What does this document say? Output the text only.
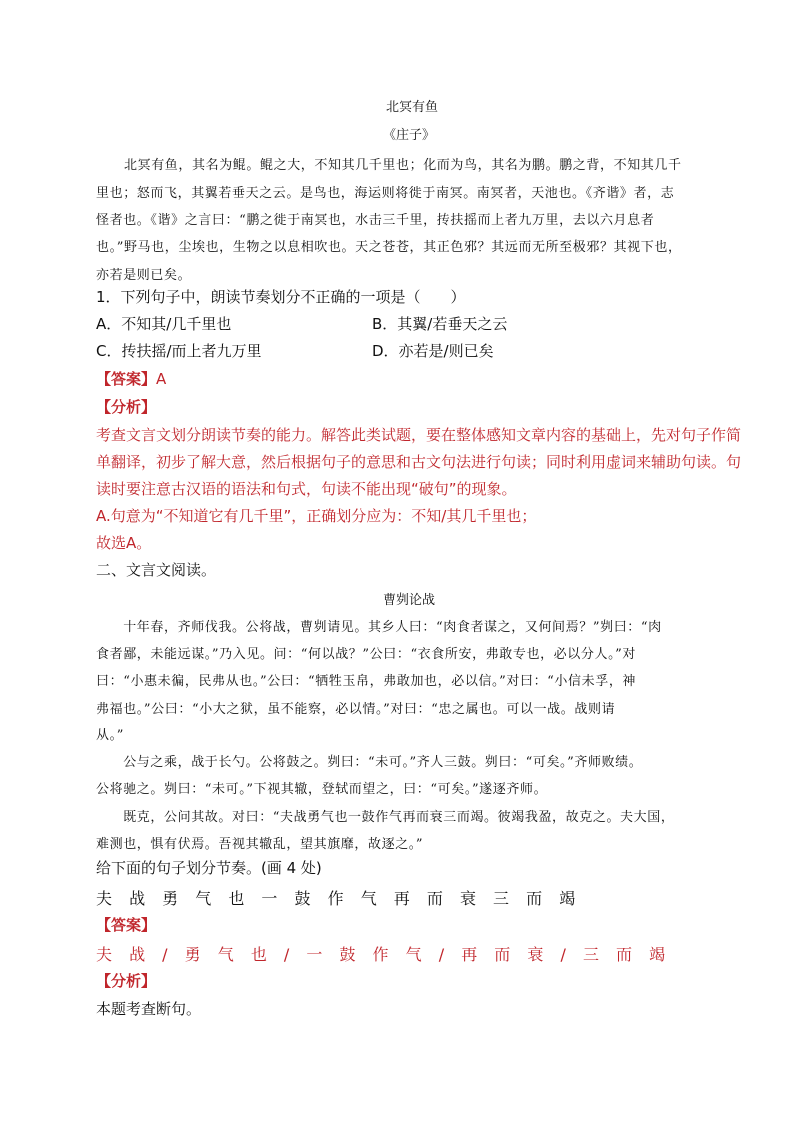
北冥有鱼
《庄子》
北冥有鱼，其名为鲲。鲲之大，不知其几千里也；化而为鸟，其名为鹏。鹏之背，不知其几千
里也；怒而飞，其翼若垂天之云。是鸟也，海运则将徙于南冥。南冥者，天池也。《齐谐》者，志
怪者也。《谐》之言曰：“鹏之徙于南冥也，水击三千里，抟扶摇而上者九万里，去以六月息者
也。”野马也，尘埃也，生物之以息相吹也。天之苍苍，其正色邪？其远而无所至极邪？其视下也，
亦若是则已矣。
1．下列句子中，朗读节奏划分不正确的一项是（　　）
A．不知其/几千里也	B．其翼/若垂天之云
C．抟扶摇/而上者九万里	D．亦若是/则已矣
【答案】A
【分析】
考查文言文划分朗读节奏的能力。解答此类试题，要在整体感知文章内容的基础上，先对句子作简
单翻译，初步了解大意，然后根据句子的意思和古文句法进行句读；同时利用虚词来辅助句读。句
读时要注意古汉语的语法和句式，句读不能出现“破句”的现象。
A.句意为“不知道它有几千里”，正确划分应为：不知/其几千里也；
故选A。
二、文言文阅读。
曹刿论战
　　十年春，齐师伐我。公将战，曹刿请见。其乡人曰：“肉食者谋之，又何间焉？”刿曰：“肉
食者鄙，未能远谋。”乃入见。问：“何以战？”公曰：“衣食所安，弗敢专也，必以分人。”对
曰：“小惠未徧，民弗从也。”公曰：“牺牲玉帛，弗敢加也，必以信。”对曰：“小信未孚，神
弗福也。”公曰：“小大之狱，虽不能察，必以情。”对曰：“忠之属也。可以一战。战则请
从。”
　　公与之乘，战于长勺。公将鼓之。刿曰：“未可。”齐人三鼓。刿曰：“可矣。”齐师败绩。
公将驰之。刿曰：“未可。”下视其辙，登轼而望之，曰：“可矣。”遂逐齐师。
　　既克，公问其故。对曰：“夫战勇气也一鼓作气再而衰三而竭。彼竭我盈，故克之。夫大国，
难测也，惧有伏焉。吾视其辙乱，望其旗靡，故逐之。”
给下面的句子划分节奏。(画 4 处)
夫 战 勇 气 也 一 鼓 作 气 再 而 衰 三 而 竭
【答案】
夫 战 / 勇 气 也 / 一 鼓 作 气 / 再 而 衰 / 三 而 竭
【分析】
本题考查断句。
